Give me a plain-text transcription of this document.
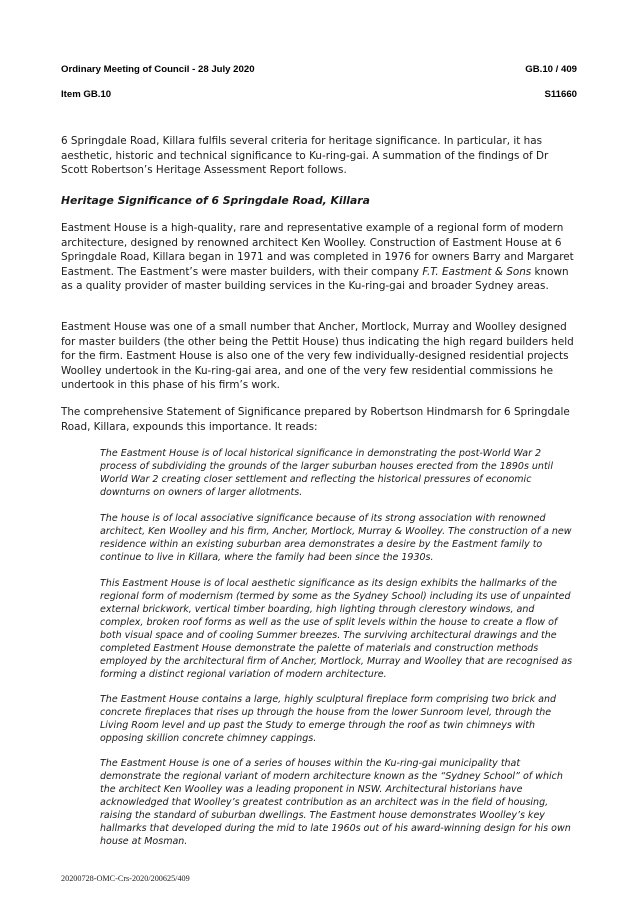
Ordinary Meeting of Council - 28 July 2020	GB.10 / 409
Item GB.10	S11660

6 Springdale Road, Killara fulfils several criteria for heritage significance. In particular, it has aesthetic, historic and technical significance to Ku-ring-gai. A summation of the findings of Dr Scott Robertson’s Heritage Assessment Report follows.

Heritage Significance of 6 Springdale Road, Killara

Eastment House is a high-quality, rare and representative example of a regional form of modern architecture, designed by renowned architect Ken Woolley. Construction of Eastment House at 6 Springdale Road, Killara began in 1971 and was completed in 1976 for owners Barry and Margaret Eastment. The Eastment’s were master builders, with their company F.T. Eastment & Sons known as a quality provider of master building services in the Ku-ring-gai and broader Sydney areas.

Eastment House was one of a small number that Ancher, Mortlock, Murray and Woolley designed for master builders (the other being the Pettit House) thus indicating the high regard builders held for the firm. Eastment House is also one of the very few individually-designed residential projects Woolley undertook in the Ku-ring-gai area, and one of the very few residential commissions he undertook in this phase of his firm’s work.

The comprehensive Statement of Significance prepared by Robertson Hindmarsh for 6 Springdale Road, Killara, expounds this importance. It reads:

The Eastment House is of local historical significance in demonstrating the post-World War 2 process of subdividing the grounds of the larger suburban houses erected from the 1890s until World War 2 creating closer settlement and reflecting the historical pressures of economic downturns on owners of larger allotments.

The house is of local associative significance because of its strong association with renowned architect, Ken Woolley and his firm, Ancher, Mortlock, Murray & Woolley. The construction of a new residence within an existing suburban area demonstrates a desire by the Eastment family to continue to live in Killara, where the family had been since the 1930s.

This Eastment House is of local aesthetic significance as its design exhibits the hallmarks of the regional form of modernism (termed by some as the Sydney School) including its use of unpainted external brickwork, vertical timber boarding, high lighting through clerestory windows, and complex, broken roof forms as well as the use of split levels within the house to create a flow of both visual space and of cooling Summer breezes. The surviving architectural drawings and the completed Eastment House demonstrate the palette of materials and construction methods employed by the architectural firm of Ancher, Mortlock, Murray and Woolley that are recognised as forming a distinct regional variation of modern architecture.

The Eastment House contains a large, highly sculptural fireplace form comprising two brick and concrete fireplaces that rises up through the house from the lower Sunroom level, through the Living Room level and up past the Study to emerge through the roof as twin chimneys with opposing skillion concrete chimney cappings.

The Eastment House is one of a series of houses within the Ku-ring-gai municipality that demonstrate the regional variant of modern architecture known as the “Sydney School” of which the architect Ken Woolley was a leading proponent in NSW. Architectural historians have acknowledged that Woolley’s greatest contribution as an architect was in the field of housing, raising the standard of suburban dwellings. The Eastment house demonstrates Woolley’s key hallmarks that developed during the mid to late 1960s out of his award-winning design for his own house at Mosman.

20200728-OMC-Crs-2020/200625/409
